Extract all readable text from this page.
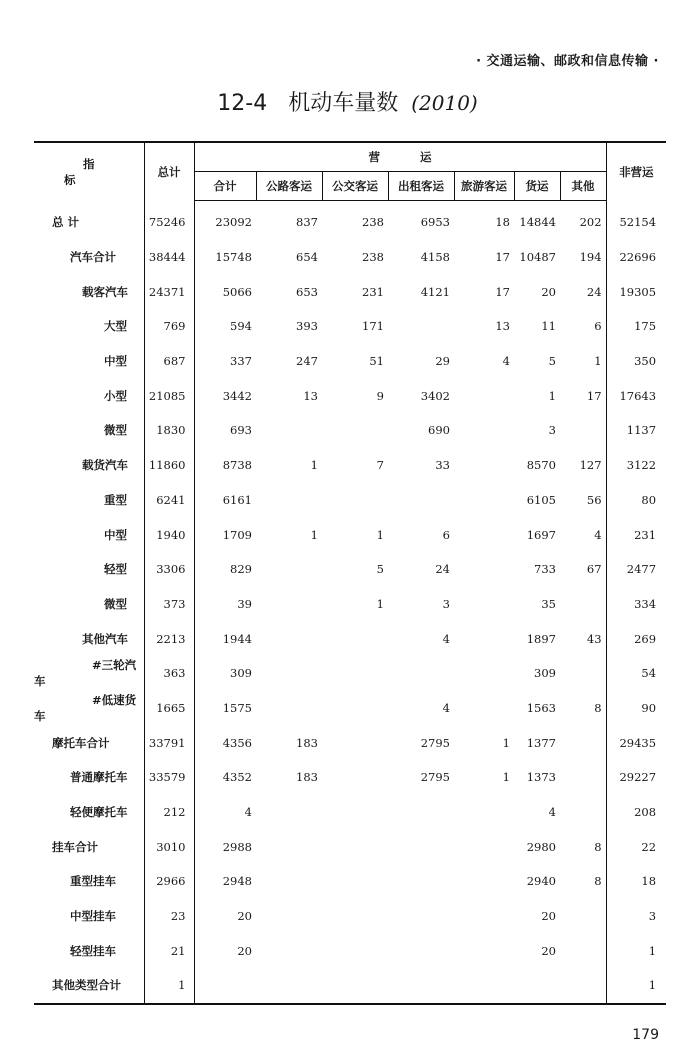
· 交通运输、邮政和信息传输 ·
12-4 机动车量数 (2010)
指标	总计	营运							非营运
		合计	公路客运	公交客运	出租客运	旅游客运	货运	其他	
总 计	75246	23092	837	238	6953	18	14844	202	52154
汽车合计	38444	15748	654	238	4158	17	10487	194	22696
载客汽车	24371	5066	653	231	4121	17	20	24	19305
大型	769	594	393	171		13	11	6	175
中型	687	337	247	51	29	4	5	1	350
小型	21085	3442	13	9	3402		1	17	17643
微型	1830	693			690		3		1137
载货汽车	11860	8738	1	7	33		8570	127	3122
重型	6241	6161					6105	56	80
中型	1940	1709	1	1	6		1697	4	231
轻型	3306	829		5	24		733	67	2477
微型	373	39		1	3		35		334
其他汽车	2213	1944			4		1897	43	269
#三轮汽车	363	309					309		54
#低速货车	1665	1575			4		1563	8	90
摩托车合计	33791	4356	183		2795	1	1377		29435
普通摩托车	33579	4352	183		2795	1	1373		29227
轻便摩托车	212	4					4		208
挂车合计	3010	2988					2980	8	22
重型挂车	2966	2948					2940	8	18
中型挂车	23	20					20		3
轻型挂车	21	20					20		1
其他类型合计	1								1
179
